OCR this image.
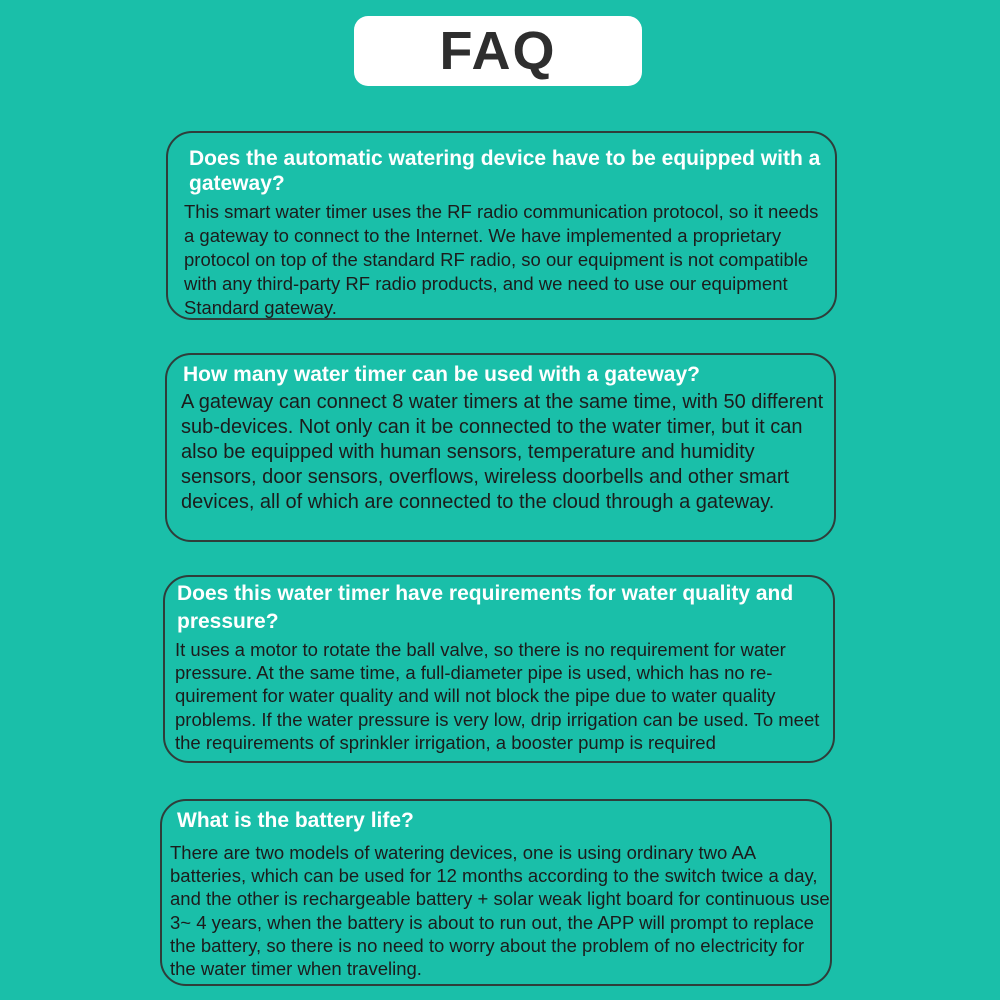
FAQ

Does the automatic watering device have to be equipped with a gateway?

This smart water timer uses the RF radio communication protocol, so it needs a gateway to connect to the Internet. We have implemented a proprietary protocol on top of the standard RF radio, so our equipment is not compatible with any third-party RF radio products, and we need to use our equipment Standard gateway.

How many water timer can be used with a gateway?

A gateway can connect 8 water timers at the same time, with 50 different sub-devices. Not only can it be connected to the water timer, but it can also be equipped with human sensors, temperature and humidity sensors, door sensors, overflows, wireless doorbells and other smart devices, all of which are connected to the cloud through a gateway.

Does this water timer have requirements for water quality and pressure?

It uses a motor to rotate the ball valve, so there is no requirement for water pressure. At the same time, a full-diameter pipe is used, which has no requirement for water quality and will not block the pipe due to water quality problems. If the water pressure is very low, drip irrigation can be used. To meet the requirements of sprinkler irrigation, a booster pump is required

What is the battery life?

There are two models of watering devices, one is using ordinary two AA batteries, which can be used for 12 months according to the switch twice a day, and the other is rechargeable battery + solar weak light board for continuous use 3~ 4 years, when the battery is about to run out, the APP will prompt to replace the battery, so there is no need to worry about the problem of no electricity for the water timer when traveling.
